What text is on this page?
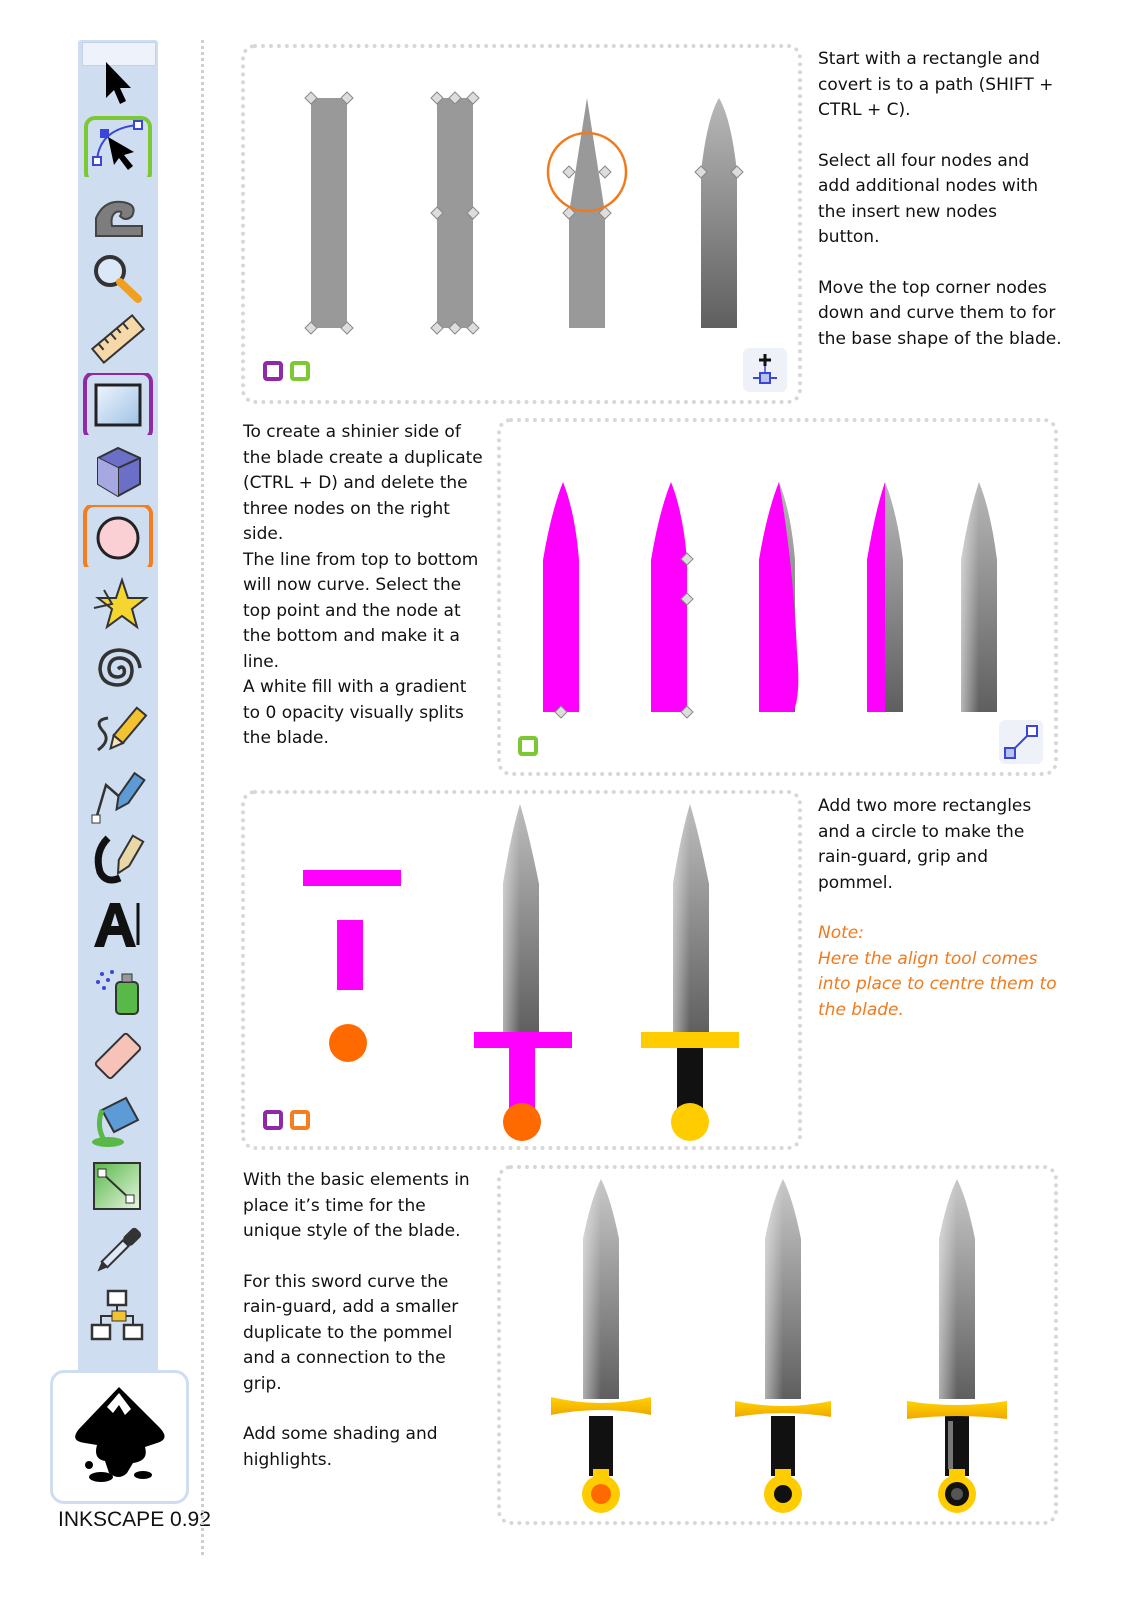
INKSCAPE 0.92

Start with a rectangle and
covert is to a path (SHIFT +
CTRL + C).

Select all four nodes and
add additional nodes with
the insert new nodes
button.

Move the top corner nodes
down and curve them to for
the base shape of the blade.

To create a shinier side of
the blade create a duplicate
(CTRL + D) and delete the
three nodes on the right
side.

The line from top to bottom
will now curve. Select the
top point and the node at
the bottom and make it a
line.

A white fill with a gradient
to 0 opacity visually splits
the blade.

Add two more rectangles
and a circle to make the
rain-guard, grip and
pommel.

Note:
Here the align tool comes
into place to centre them to
the blade.

With the basic elements in
place it’s time for the
unique style of the blade.

For this sword curve the
rain-guard, add a smaller
duplicate to the pommel
and a connection to the
grip.

Add some shading and
highlights.
